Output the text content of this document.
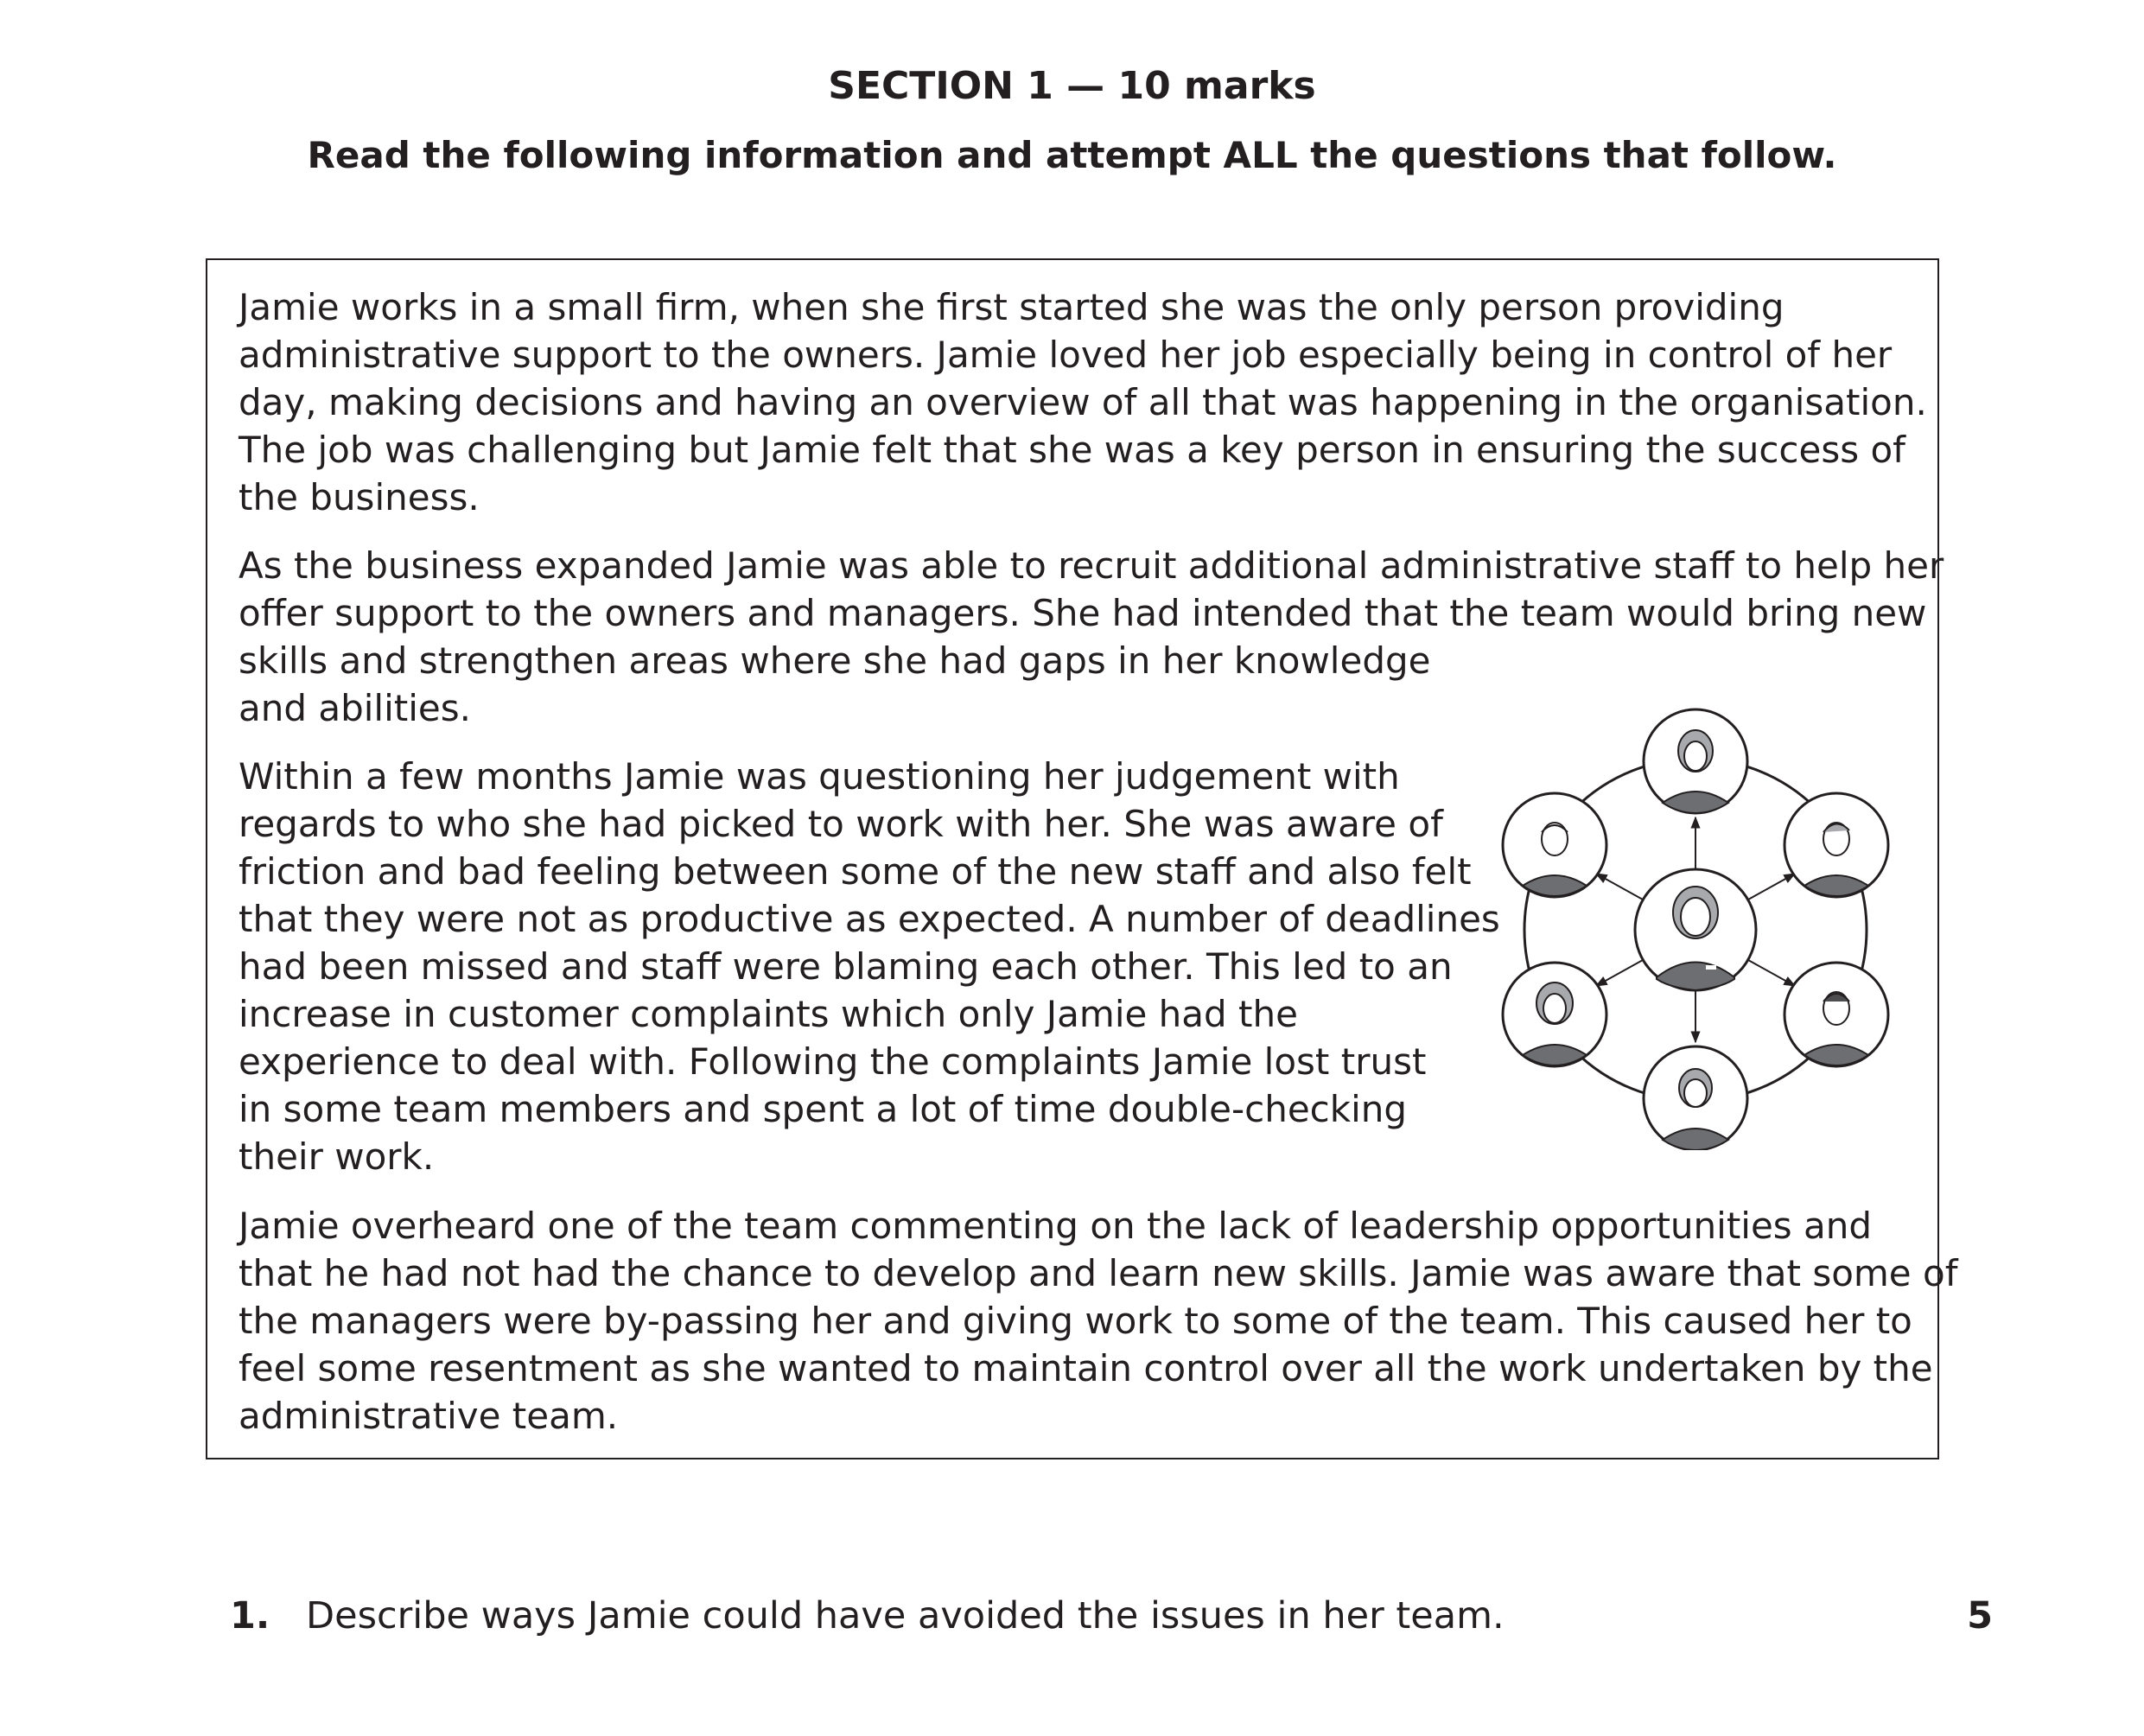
SECTION 1 — 10 marks
Read the following information and attempt ALL the questions that follow.

Jamie works in a small firm, when she first started she was the only person providing
administrative support to the owners. Jamie loved her job especially being in control of her
day, making decisions and having an overview of all that was happening in the organisation.
The job was challenging but Jamie felt that she was a key person in ensuring the success of
the business.

As the business expanded Jamie was able to recruit additional administrative staff to help her
offer support to the owners and managers. She had intended that the team would bring new
skills and strengthen areas where she had gaps in her knowledge
and abilities.

Within a few months Jamie was questioning her judgement with
regards to who she had picked to work with her. She was aware of
friction and bad feeling between some of the new staff and also felt
that they were not as productive as expected. A number of deadlines
had been missed and staff were blaming each other. This led to an
increase in customer complaints which only Jamie had the
experience to deal with. Following the complaints Jamie lost trust
in some team members and spent a lot of time double-checking
their work.

Jamie overheard one of the team commenting on the lack of leadership opportunities and
that he had not had the chance to develop and learn new skills. Jamie was aware that some of
the managers were by-passing her and giving work to some of the team. This caused her to
feel some resentment as she wanted to maintain control over all the work undertaken by the
administrative team.

1. Describe ways Jamie could have avoided the issues in her team.	5
